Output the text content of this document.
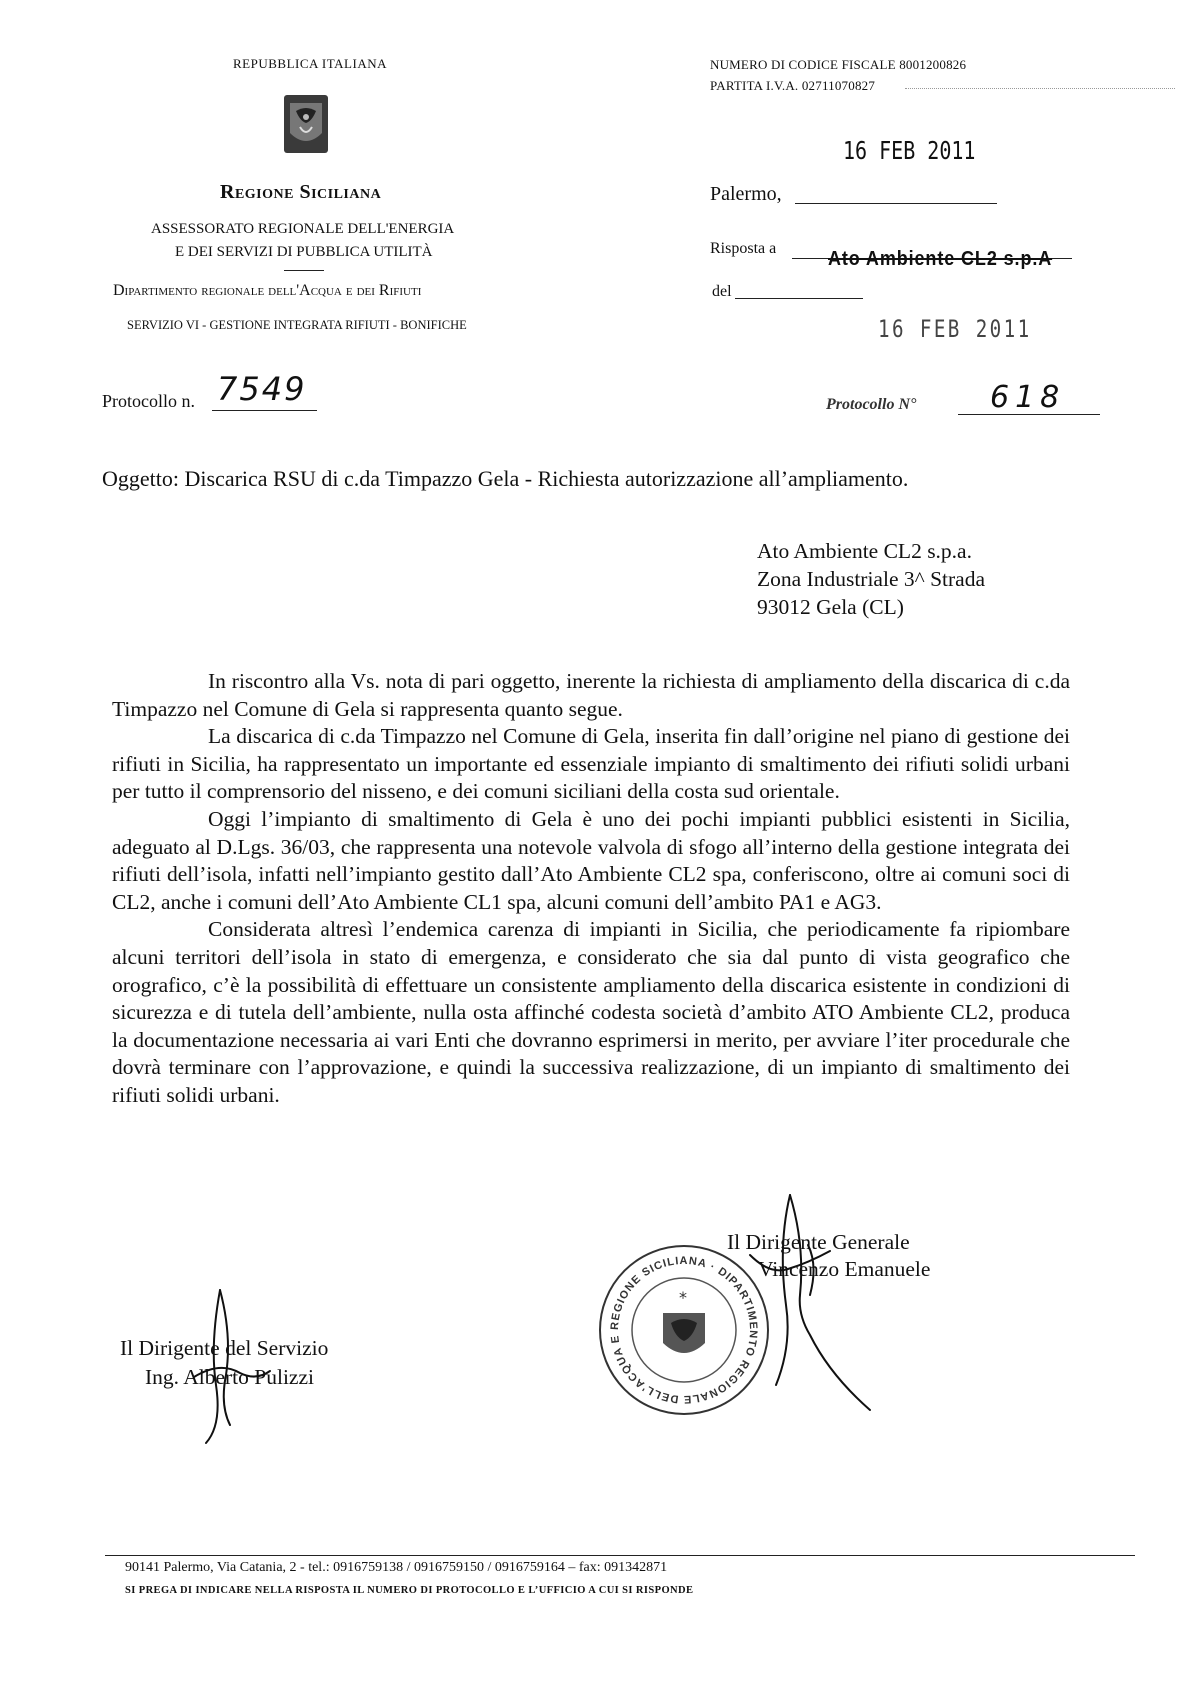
REPUBBLICA ITALIANA
Regione Siciliana
ASSESSORATO REGIONALE DELL'ENERGIA
E DEI SERVIZI DI PUBBLICA UTILITÀ
Dipartimento regionale dell'Acqua e dei Rifiuti
SERVIZIO VI - GESTIONE INTEGRATA RIFIUTI - BONIFICHE
Protocollo n. 7549
NUMERO DI CODICE FISCALE 8001200826
PARTITA I.V.A. 02711070827
16 FEB 2011
Palermo,
Risposta a	Ato Ambiente CL2 s.p.A
del
16 FEB 2011
Protocollo N° 618
Oggetto: Discarica RSU di c.da Timpazzo Gela - Richiesta autorizzazione all’ampliamento.
Ato Ambiente CL2 s.p.a.
Zona Industriale 3^ Strada
93012 Gela (CL)

In riscontro alla Vs. nota di pari oggetto, inerente la richiesta di ampliamento della discarica di c.da Timpazzo nel Comune di Gela si rappresenta quanto segue.

La discarica di c.da Timpazzo nel Comune di Gela, inserita fin dall’origine nel piano di gestione dei rifiuti in Sicilia, ha rappresentato un importante ed essenziale impianto di smaltimento dei rifiuti solidi urbani per tutto il comprensorio del nisseno, e dei comuni siciliani della costa sud orientale.

Oggi l’impianto di smaltimento di Gela è uno dei pochi impianti pubblici esistenti in Sicilia, adeguato al D.Lgs. 36/03, che rappresenta una notevole valvola di sfogo all’interno della gestione integrata dei rifiuti dell’isola, infatti nell’impianto gestito dall’Ato Ambiente CL2 spa, conferiscono, oltre ai comuni soci di CL2, anche i comuni dell’Ato Ambiente CL1 spa, alcuni comuni dell’ambito PA1 e AG3.

Considerata altresì l’endemica carenza di impianti in Sicilia, che periodicamente fa ripiombare alcuni territori dell’isola in stato di emergenza, e considerato che sia dal punto di vista geografico che orografico, c’è la possibilità di effettuare un consistente ampliamento della discarica esistente in condizioni di sicurezza e di tutela dell’ambiente, nulla osta affinché codesta società d’ambito ATO Ambiente CL2, produca la documentazione necessaria ai vari Enti che dovranno esprimersi in merito, per avviare l’iter procedurale che dovrà terminare con l’approvazione, e quindi la successiva realizzazione, di un impianto di smaltimento dei rifiuti solidi urbani.

REGIONE SICILIANA · DIPARTIMENTO REGIONALE DELL'ACQUA E
*
Il Dirigente Generale
Vincenzo Emanuele
Il Dirigente del Servizio
Ing. Alberto Pulizzi
90141 Palermo, Via Catania, 2 - tel.: 0916759138 / 0916759150 / 0916759164 – fax: 091342871
SI PREGA DI INDICARE NELLA RISPOSTA IL NUMERO DI PROTOCOLLO E L’UFFICIO A CUI SI RISPONDE
